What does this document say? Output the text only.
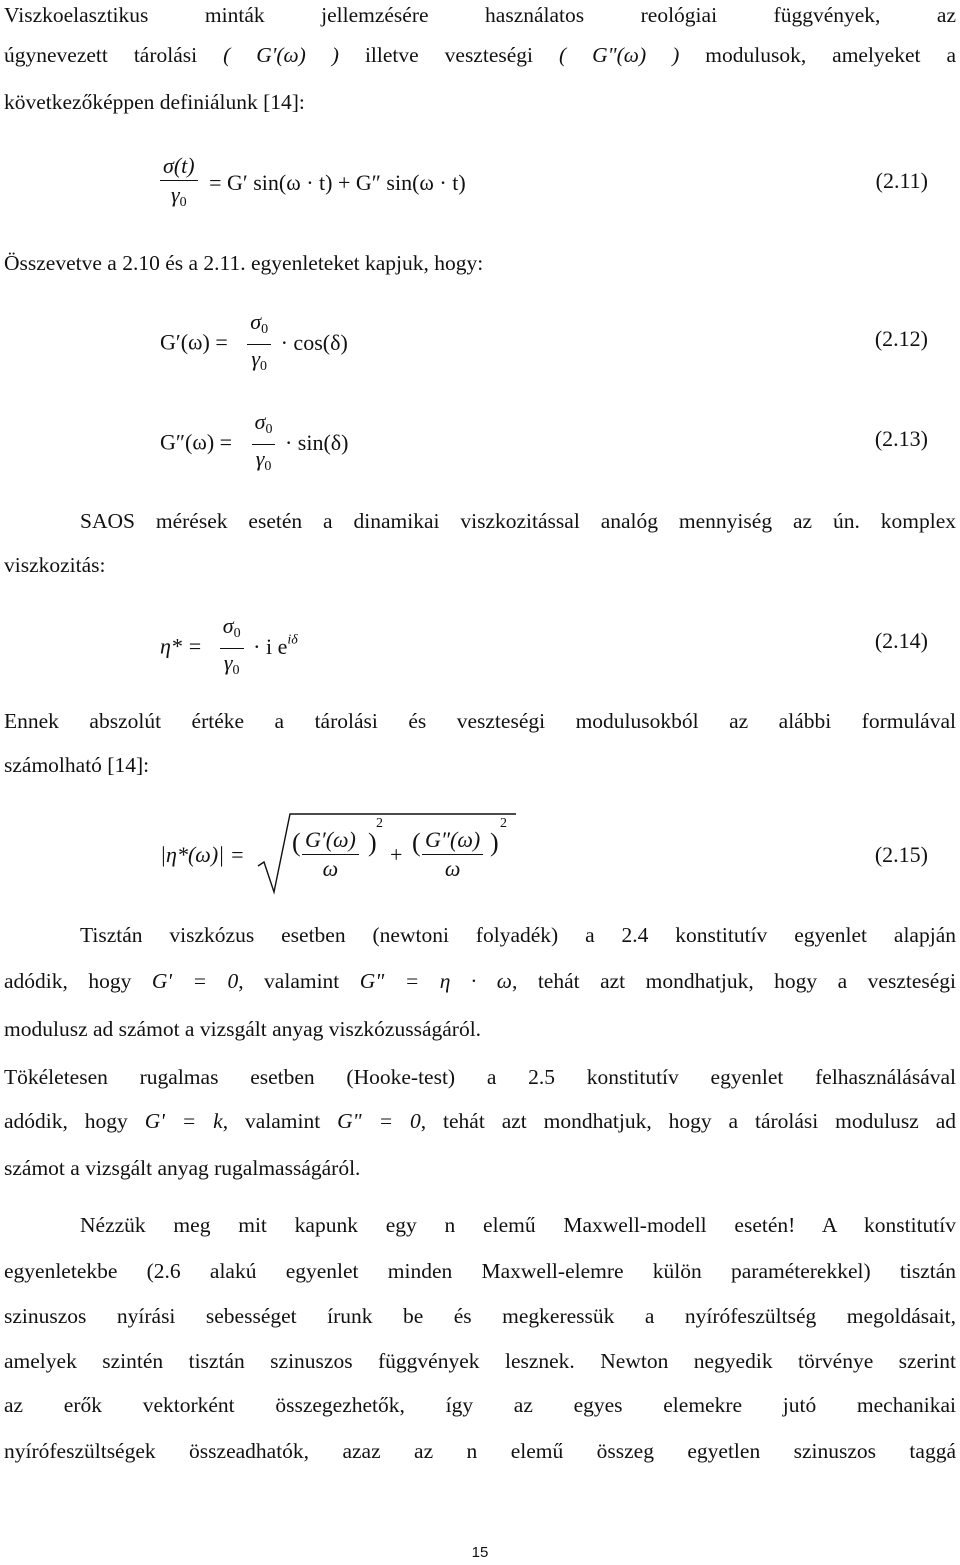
Viszkoelasztikus minták jellemzésére használatos reológiai függvények, az
úgynevezett tárolási ( G'(ω) ) illetve veszteségi ( G"(ω) ) modulusok, amelyeket a
következőképpen definiálunk [14]:
$\frac{\sigma(t)}{\gamma_0} = G'$ sin(ω · t) + G″ sin(ω · t)	(2.11)
Összevetve a 2.10 és a 2.11. egyenleteket kapjuk, hogy:
$G'(\omega) = \frac{\sigma_0}{\gamma_0} \cdot \cos(\delta)$	(2.12)
$G''(\omega) = \frac{\sigma_0}{\gamma_0} \cdot \sin(\delta)$	(2.13)
SAOS mérések esetén a dinamikai viszkozitással analóg mennyiség az ún. komplex
viszkozitás:
$\eta* = \frac{\sigma_0}{\gamma_0} \cdot i$ $e^{i\delta}$	(2.14)
Ennek abszolút értéke a tárolási és veszteségi modulusokból az alábbi formulával
számolható [14]:
|η*(ω)| = ( G′(ω)
ω
)
2
+ ( G″(ω)
ω
)
2
(2.15)
Tisztán viszkózus esetben (newtoni folyadék) a 2.4 konstitutív egyenlet alapján
adódik, hogy G' = 0, valamint G" = η · ω, tehát azt mondhatjuk, hogy a veszteségi
modulusz ad számot a vizsgált anyag viszkózusságáról.
Tökéletesen rugalmas esetben (Hooke-test) a 2.5 konstitutív egyenlet felhasználásával
adódik, hogy G' = k, valamint G" = 0, tehát azt mondhatjuk, hogy a tárolási modulusz ad
számot a vizsgált anyag rugalmasságáról.
Nézzük meg mit kapunk egy n elemű Maxwell-modell esetén! A konstitutív
egyenletekbe (2.6 alakú egyenlet minden Maxwell-elemre külön paraméterekkel) tisztán
szinuszos nyírási sebességet írunk be és megkeressük a nyírófeszültség megoldásait,
amelyek szintén tisztán szinuszos függvények lesznek. Newton negyedik törvénye szerint
az erők vektorként összegezhetők, így az egyes elemekre jutó mechanikai
nyírófeszültségek összeadhatók, azaz az n elemű összeg egyetlen szinuszos taggá
15
